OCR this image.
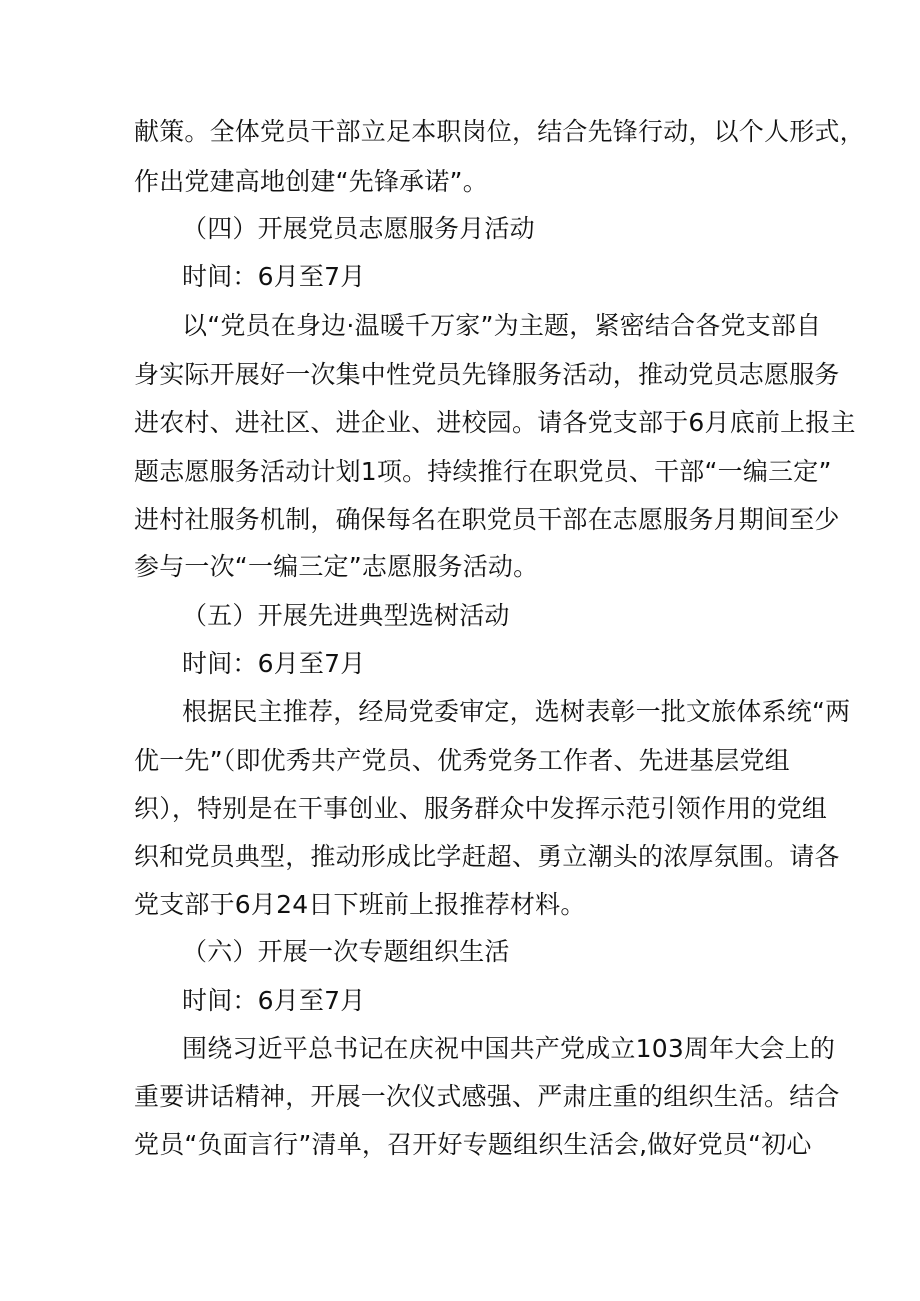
献策。全体党员干部立足本职岗位，结合先锋行动，以个人形式，
作出党建高地创建“先锋承诺”。
（四）开展党员志愿服务月活动
时间：6月至7月
以“党员在身边·温暖千万家”为主题，紧密结合各党支部自
身实际开展好一次集中性党员先锋服务活动，推动党员志愿服务
进农村、进社区、进企业、进校园。请各党支部于6月底前上报主
题志愿服务活动计划1项。持续推行在职党员、干部“一编三定”
进村社服务机制，确保每名在职党员干部在志愿服务月期间至少
参与一次“一编三定”志愿服务活动。
（五）开展先进典型选树活动
时间：6月至7月
根据民主推荐，经局党委审定，选树表彰一批文旅体系统“两
优一先”（即优秀共产党员、优秀党务工作者、先进基层党组
织），特别是在干事创业、服务群众中发挥示范引领作用的党组
织和党员典型，推动形成比学赶超、勇立潮头的浓厚氛围。请各
党支部于6月24日下班前上报推荐材料。
（六）开展一次专题组织生活
时间：6月至7月
围绕习近平总书记在庆祝中国共产党成立103周年大会上的
重要讲话精神，开展一次仪式感强、严肃庄重的组织生活。结合
党员“负面言行”清单，召开好专题组织生活会,做好党员“初心
